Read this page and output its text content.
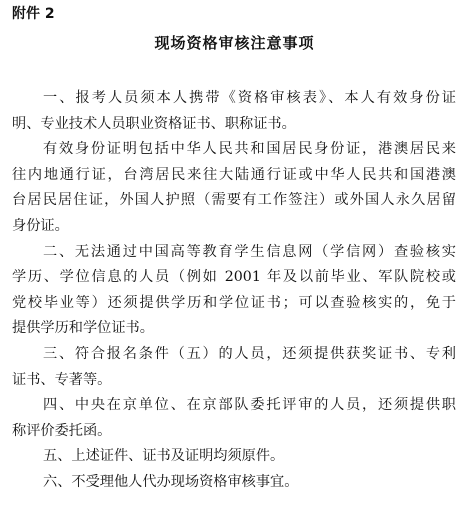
附件 2
现场资格审核注意事项
一、报考人员须本人携带《资格审核表》、本人有效身份证
明、专业技术人员职业资格证书、职称证书。
有效身份证明包括中华人民共和国居民身份证，港澳居民来
往内地通行证，台湾居民来往大陆通行证或中华人民共和国港澳
台居民居住证，外国人护照（需要有工作签注）或外国人永久居留
身份证。
二、无法通过中国高等教育学生信息网（学信网）查验核实
学历、学位信息的人员（例如 2001 年及以前毕业、军队院校或
党校毕业等）还须提供学历和学位证书；可以查验核实的，免于
提供学历和学位证书。
三、符合报名条件（五）的人员，还须提供获奖证书、专利
证书、专著等。
四、中央在京单位、在京部队委托评审的人员，还须提供职
称评价委托函。
五、上述证件、证书及证明均须原件。
六、不受理他人代办现场资格审核事宜。
